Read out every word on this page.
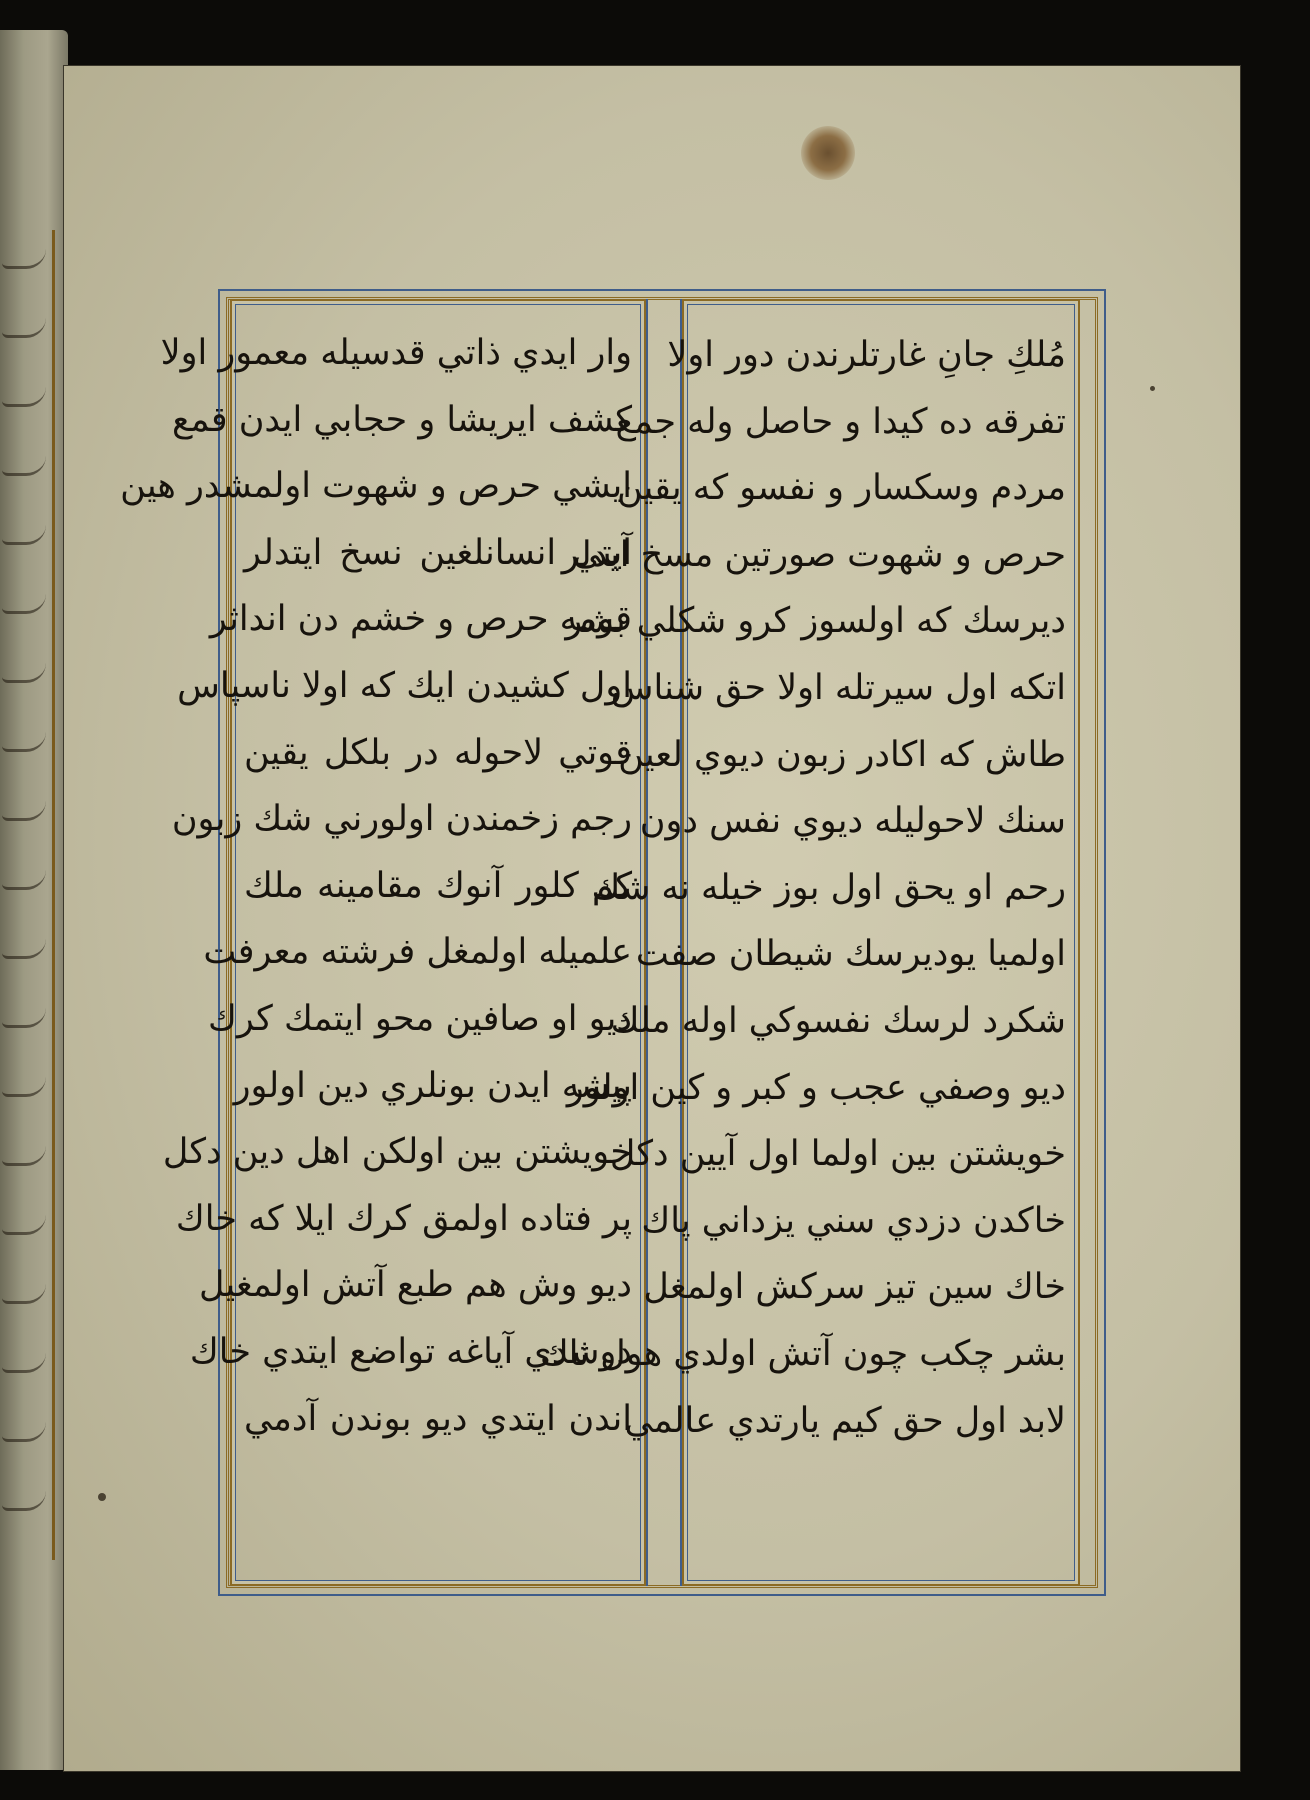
وار ايدي ذاتي قدسيله معمور اولا
كشف ايريشا و حجابي ايدن قمع
ايشي حرص و شهوت اولمشدر هين
آيتي انسانلغين نسخ ايتدلر
قومه حرص و خشم دن انداثر
اول كشيدن ايك كه اولا ناسپاس
قوتي لاحوله در بلكل يقين
رجم زخمندن اولورني شك زبون
كم كلور آنوك مقامينه ملك
علميله اولمغل فرشته معرفت
ديو او صافين محو ايتمك كرك
پيشه ايدن بونلري دين اولور
خويشتن بين اولكن اهل دين دكل
پر فتاده اولمق كرك ايلا كه خاك
ديو وش هم طبع آتش اولمغيل
دوشدي آياغه تواضع ايتدي خاك
اندن ايتدي ديو بوندن آدمي
مُلكِ جانِ غارتلرندن دور اولا
تفرقه ده كيدا و حاصل وله جمع
مردم وسكسار و نفسو كه يقين
حرص و شهوت صورتين مسخ ايدلر
ديرسك كه اولسوز كرو شكلي بشر
اتكه اول سيرتله اولا حق شناس
طاش كه اكادر زبون ديوي لعين
سنك لاحوليله ديوي نفس دون
رحم او يحق اول بوز خيله نه شك
اولميا يوديرسك شيطان صفت
شكرد لرسك نفسوكي اوله ملك
ديو وصفي عجب و كبر و كين اولور
خويشتن بين اولما اول آيين دكل
خاكدن دزدي سني يزداني پاك
خاك سين تيز سركش اولمغل
بشر چكب چون آتش اولدي هول ناك
لابد اول حق كيم يارتدي عالمي
